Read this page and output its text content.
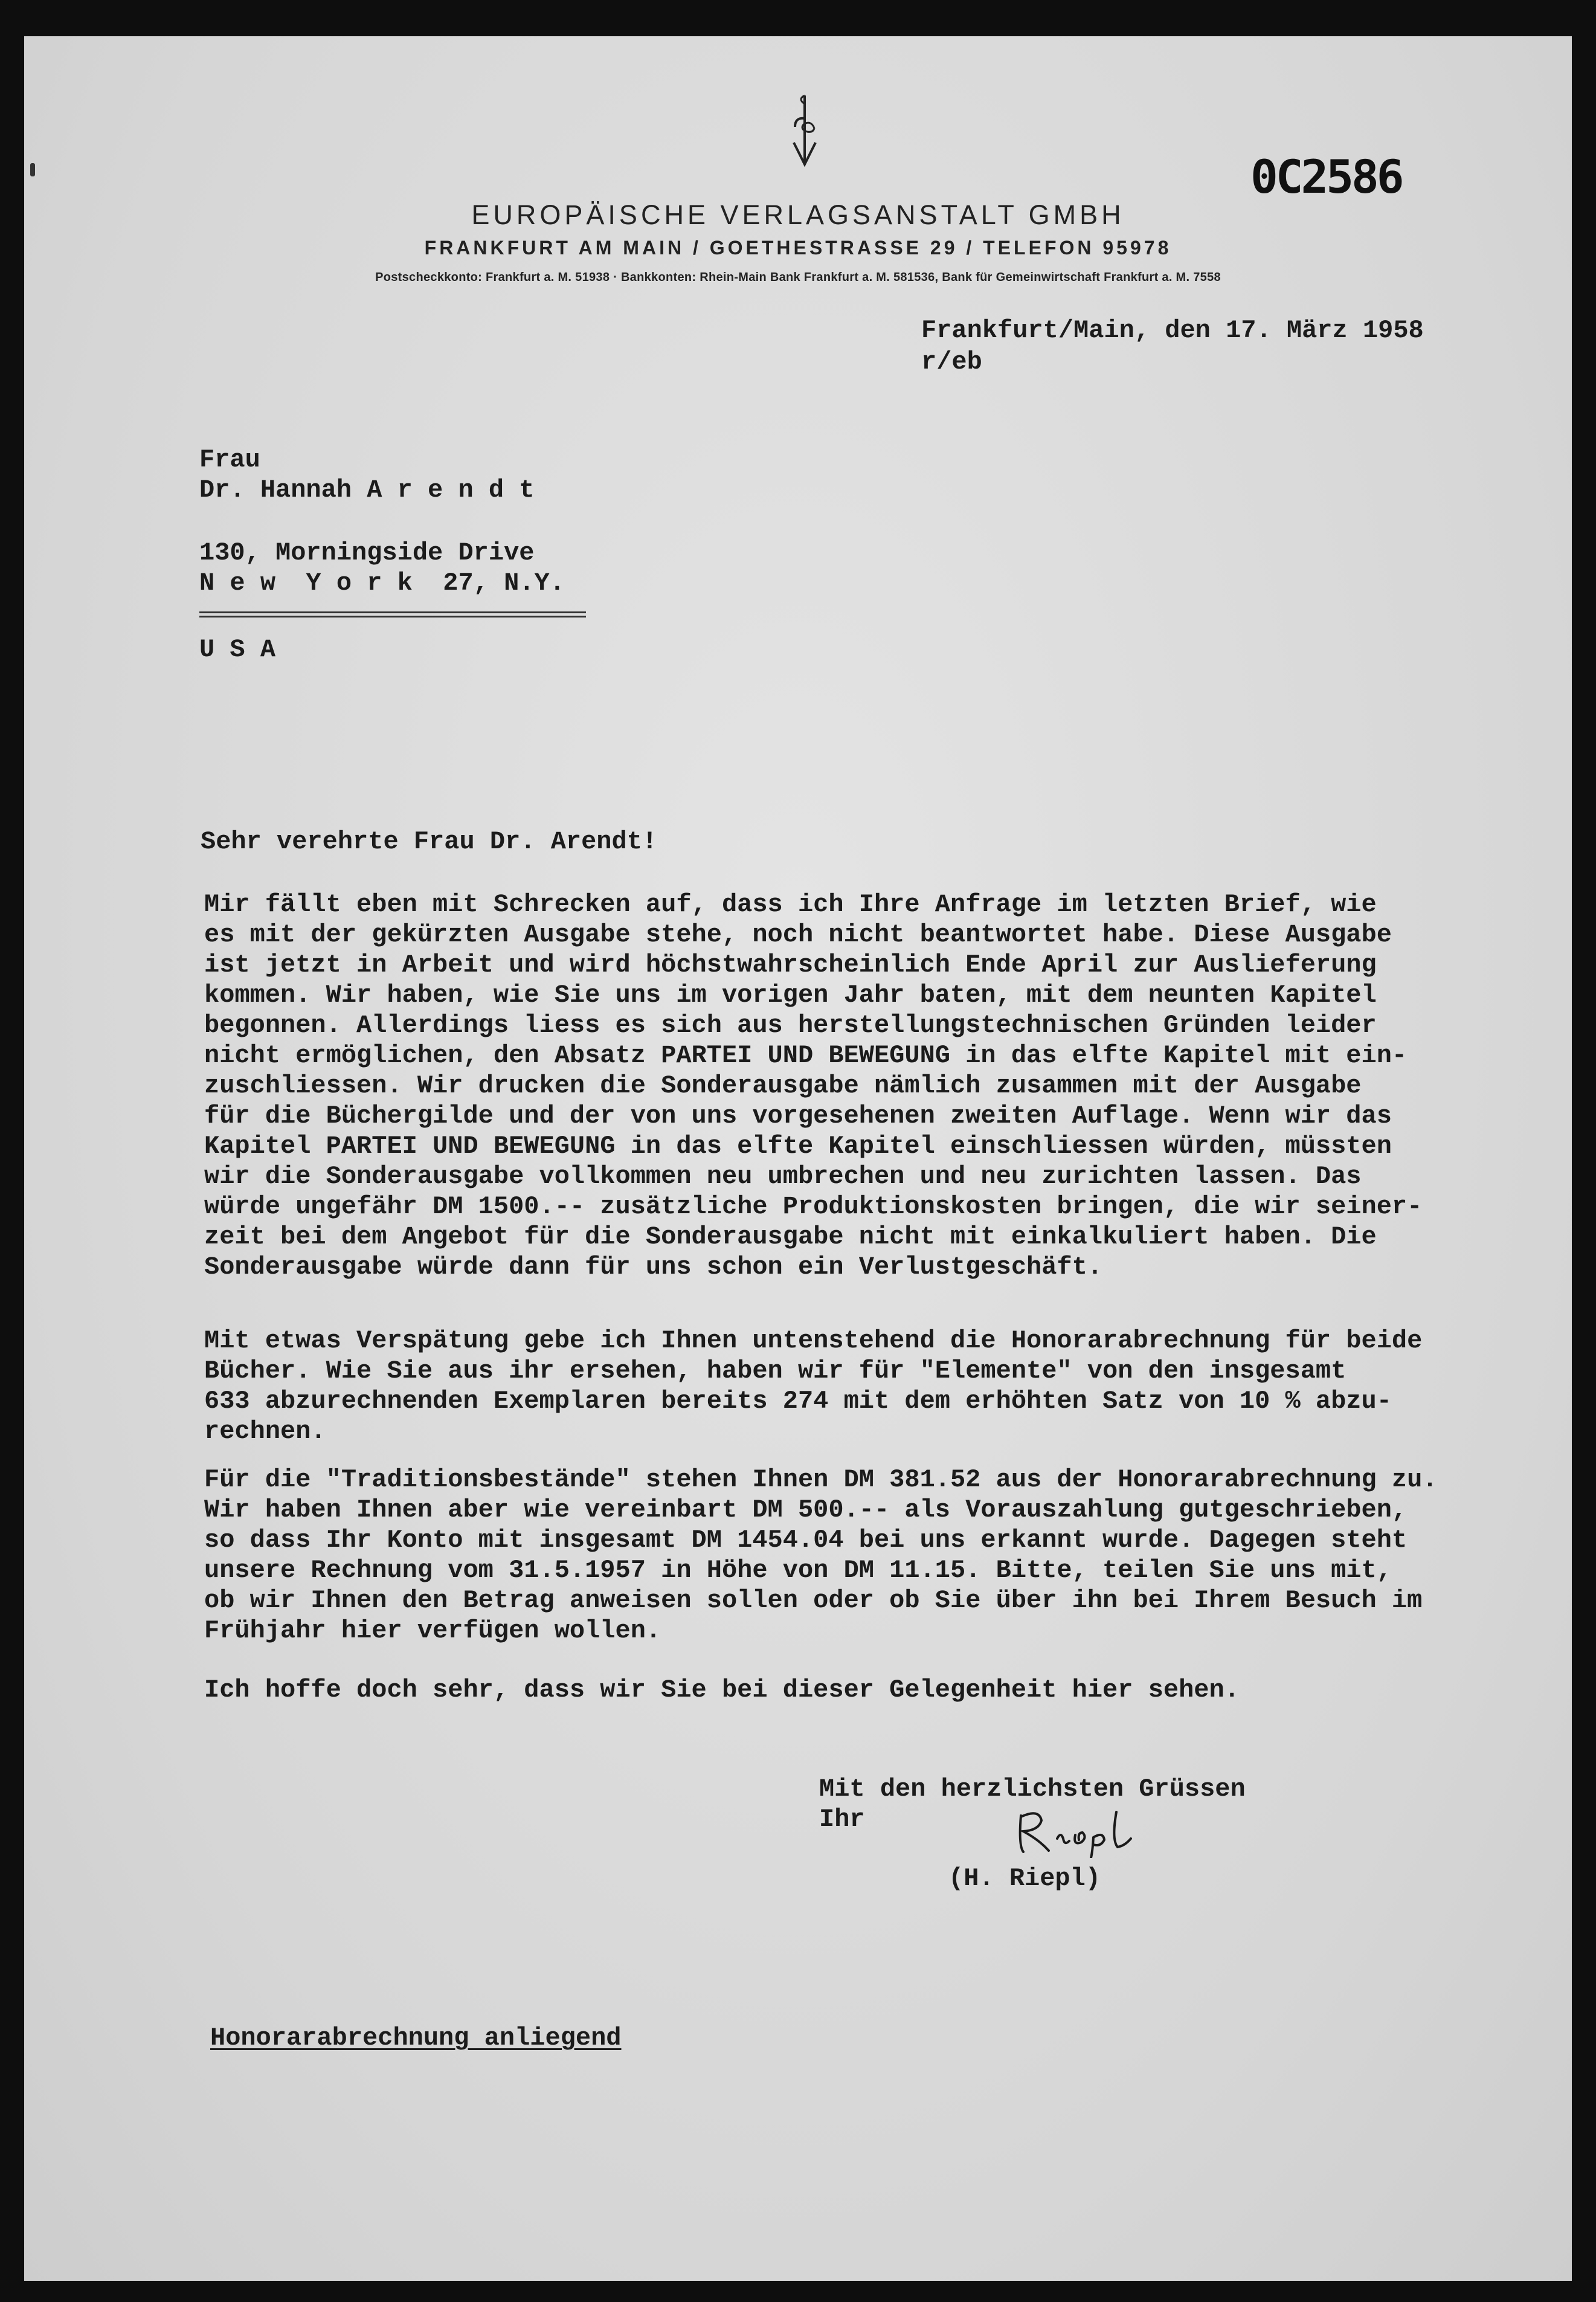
0C2586
EUROPÄISCHE VERLAGSANSTALT GMBH
FRANKFURT AM MAIN / GOETHESTRASSE 29 / TELEFON 95978
Postscheckkonto: Frankfurt a. M. 51938 · Bankkonten: Rhein-Main Bank Frankfurt a. M. 581536, Bank für Gemeinwirtschaft Frankfurt a. M. 7558
Frankfurt/Main, den 17. März 1958
r/eb
Frau
Dr. Hannah A r e n d t
130, Morningside Drive
N e w  Y o r k  27, N.Y.
U S A
Sehr verehrte Frau Dr. Arendt!
Mir fällt eben mit Schrecken auf, dass ich Ihre Anfrage im letzten Brief, wie
es mit der gekürzten Ausgabe stehe, noch nicht beantwortet habe. Diese Ausgabe
ist jetzt in Arbeit und wird höchstwahrscheinlich Ende April zur Auslieferung
kommen. Wir haben, wie Sie uns im vorigen Jahr baten, mit dem neunten Kapitel
begonnen. Allerdings liess es sich aus herstellungstechnischen Gründen leider
nicht ermöglichen, den Absatz PARTEI UND BEWEGUNG in das elfte Kapitel mit ein-
zuschliessen. Wir drucken die Sonderausgabe nämlich zusammen mit der Ausgabe
für die Büchergilde und der von uns vorgesehenen zweiten Auflage. Wenn wir das
Kapitel PARTEI UND BEWEGUNG in das elfte Kapitel einschliessen würden, müssten
wir die Sonderausgabe vollkommen neu umbrechen und neu zurichten lassen. Das
würde ungefähr DM 1500.-- zusätzliche Produktionskosten bringen, die wir seiner-
zeit bei dem Angebot für die Sonderausgabe nicht mit einkalkuliert haben. Die
Sonderausgabe würde dann für uns schon ein Verlustgeschäft.
Mit etwas Verspätung gebe ich Ihnen untenstehend die Honorarabrechnung für beide
Bücher. Wie Sie aus ihr ersehen, haben wir für "Elemente" von den insgesamt
633 abzurechnenden Exemplaren bereits 274 mit dem erhöhten Satz von 10 % abzu-
rechnen.
Für die "Traditionsbestände" stehen Ihnen DM 381.52 aus der Honorarabrechnung zu.
Wir haben Ihnen aber wie vereinbart DM 500.-- als Vorauszahlung gutgeschrieben,
so dass Ihr Konto mit insgesamt DM 1454.04 bei uns erkannt wurde. Dagegen steht
unsere Rechnung vom 31.5.1957 in Höhe von DM 11.15. Bitte, teilen Sie uns mit,
ob wir Ihnen den Betrag anweisen sollen oder ob Sie über ihn bei Ihrem Besuch im
Frühjahr hier verfügen wollen.
Ich hoffe doch sehr, dass wir Sie bei dieser Gelegenheit hier sehen.
Mit den herzlichsten Grüssen
Ihr
(H. Riepl)
Honorarabrechnung anliegend
